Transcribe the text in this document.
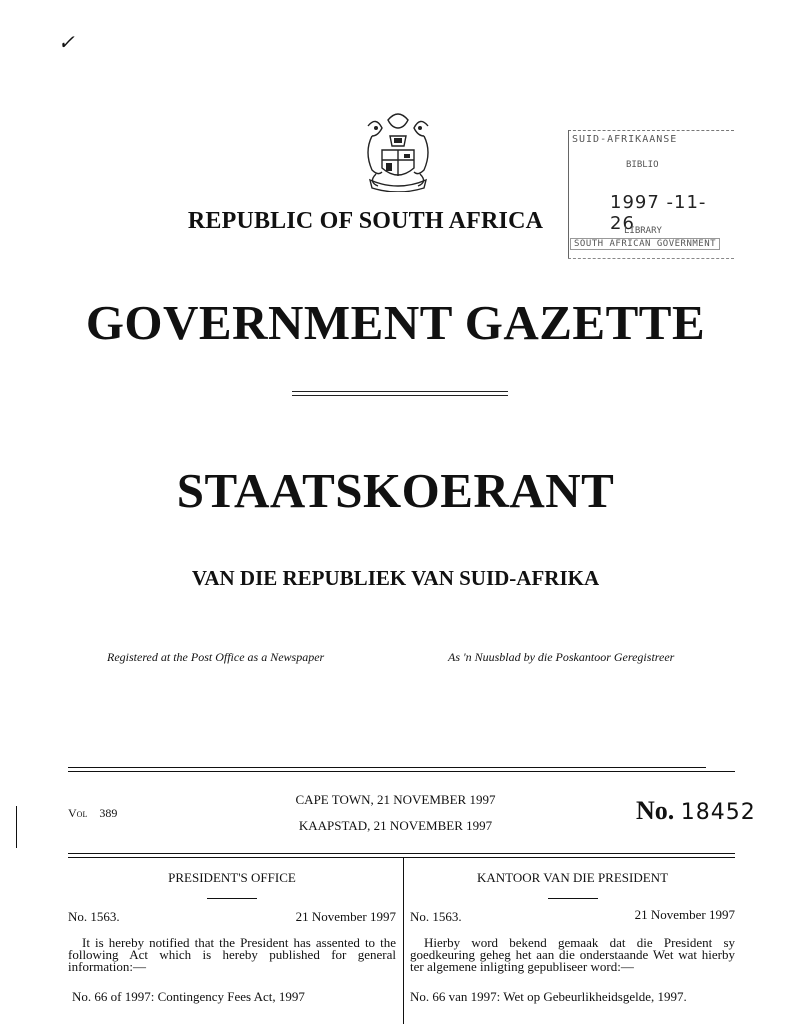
✓
REPUBLIC OF SOUTH AFRICA
SUID-AFRIKAANSE
BIBLIO
1997 -11- 26
LIBRARY
SOUTH AFRICAN GOVERNMENT
GOVERNMENT GAZETTE
STAATSKOERANT
VAN DIE REPUBLIEK VAN SUID-AFRIKA
Registered at the Post Office as a Newspaper	As 'n Nuusblad by die Poskantoor Geregistreer
Vol 389
CAPE TOWN, 21 NOVEMBER 1997
KAAPSTAD, 21 NOVEMBER 1997
No. 18452
PRESIDENT'S OFFICE
No. 1563.	21 November 1997
It is hereby notified that the President has assented to the following Act which is hereby published for general information:—
No. 66 of 1997: Contingency Fees Act, 1997
KANTOOR VAN DIE PRESIDENT
No. 1563.	21 November 1997
Hierby word bekend gemaak dat die President sy goedkeuring geheg het aan die onderstaande Wet wat hierby ter algemene inligting gepubliseer word:—
No. 66 van 1997: Wet op Gebeurlikheidsgelde, 1997.
